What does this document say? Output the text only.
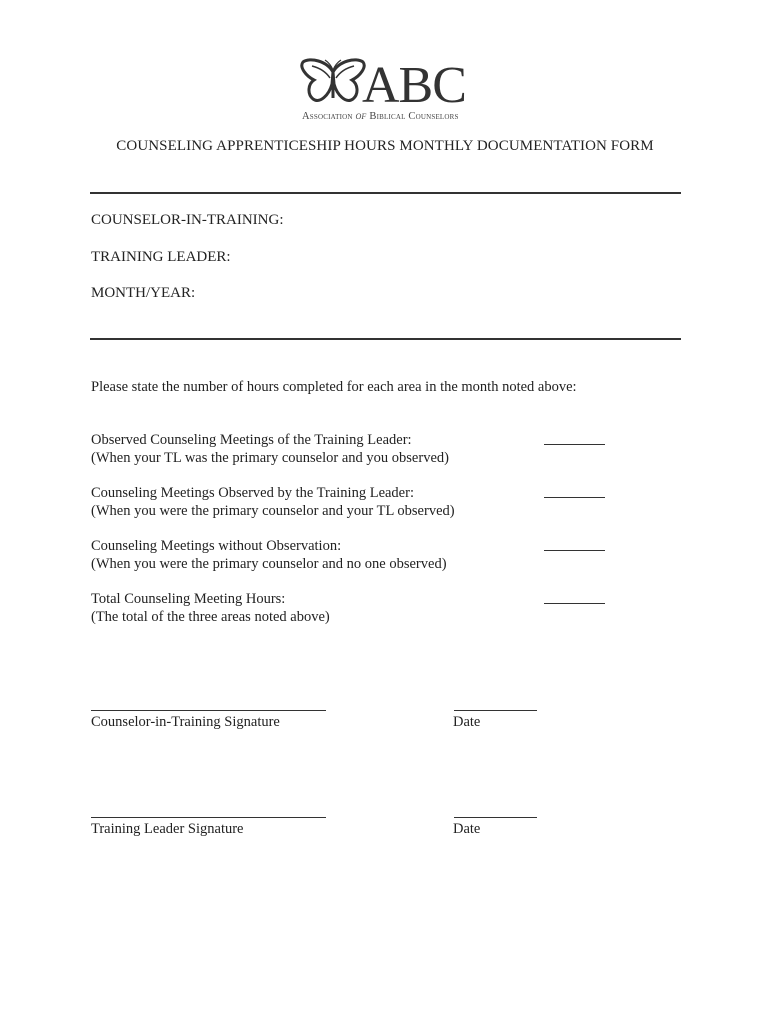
ABC
Association of Biblical Counselors
COUNSELING APPRENTICESHIP HOURS MONTHLY DOCUMENTATION FORM
COUNSELOR-IN-TRAINING:
TRAINING LEADER:
MONTH/YEAR:
Please state the number of hours completed for each area in the month noted above:
Observed Counseling Meetings of the Training Leader:
(When your TL was the primary counselor and you observed)
Counseling Meetings Observed by the Training Leader:
(When you were the primary counselor and your TL observed)
Counseling Meetings without Observation:
(When you were the primary counselor and no one observed)
Total Counseling Meeting Hours:
(The total of the three areas noted above)
Counselor-in-Training Signature	Date
Training Leader Signature	Date
